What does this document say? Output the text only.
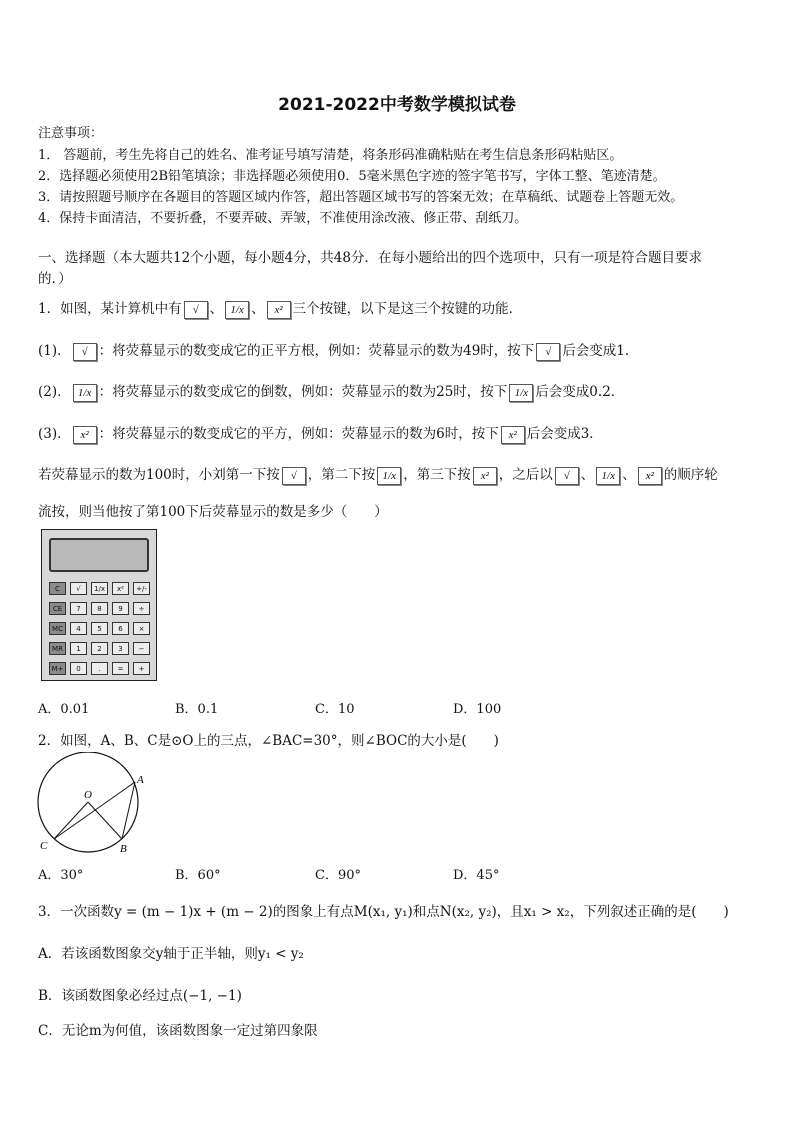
2021-2022中考数学模拟试卷
注意事项：
1． 答题前，考生先将自己的姓名、准考证号填写清楚，将条形码准确粘贴在考生信息条形码粘贴区。
2．选择题必须使用2B铅笔填涂；非选择题必须使用0．5毫米黑色字迹的签字笔书写，字体工整、笔迹清楚。
3．请按照题号顺序在各题目的答题区域内作答，超出答题区域书写的答案无效；在草稿纸、试题卷上答题无效。
4．保持卡面清洁，不要折叠，不要弄破、弄皱，不准使用涂改液、修正带、刮纸刀。
一、选择题（本大题共12个小题，每小题4分，共48分．在每小题给出的四个选项中，只有一项是符合题目要求
的．）
1．如图，某计算机中有 √ 、 1/x 、 x² 三个按键，以下是这三个按键的功能．
(1)． √ ：将荧幕显示的数变成它的正平方根，例如：荧幕显示的数为49时，按下 √ 后会变成1．
(2)． 1/x ：将荧幕显示的数变成它的倒数，例如：荧幕显示的数为25时，按下 1/x 后会变成0.2．
(3)． x² ：将荧幕显示的数变成它的平方，例如：荧幕显示的数为6时，按下 x² 后会变成3．
若荧幕显示的数为100时，小刘第一下按 √ ，第二下按 1/x ，第三下按 x² ，之后以 √ 、 1/x 、 x² 的顺序轮
流按，则当他按了第100下后荧幕显示的数是多少（　　）
C	√	1/x	x²	+/-
CE	7	8	9	÷
MC	4	5	6	×
MR	1	2	3	−
M+	0	.	=	+
A．0.01	B．0.1	C．10	D．100
2．如图，A、B、C是⊙O上的三点，∠BAC=30°，则∠BOC的大小是(　　)
O
A
B
C
A．30°	B．60°	C．90°	D．45°
3．一次函数y = (m − 1)x + (m − 2)的图象上有点M(x₁, y₁)和点N(x₂, y₂)，且x₁ > x₂，下列叙述正确的是(　　)
A．若该函数图象交y轴于正半轴，则y₁ < y₂
B．该函数图象必经过点(−1, −1)
C．无论m为何值，该函数图象一定过第四象限
